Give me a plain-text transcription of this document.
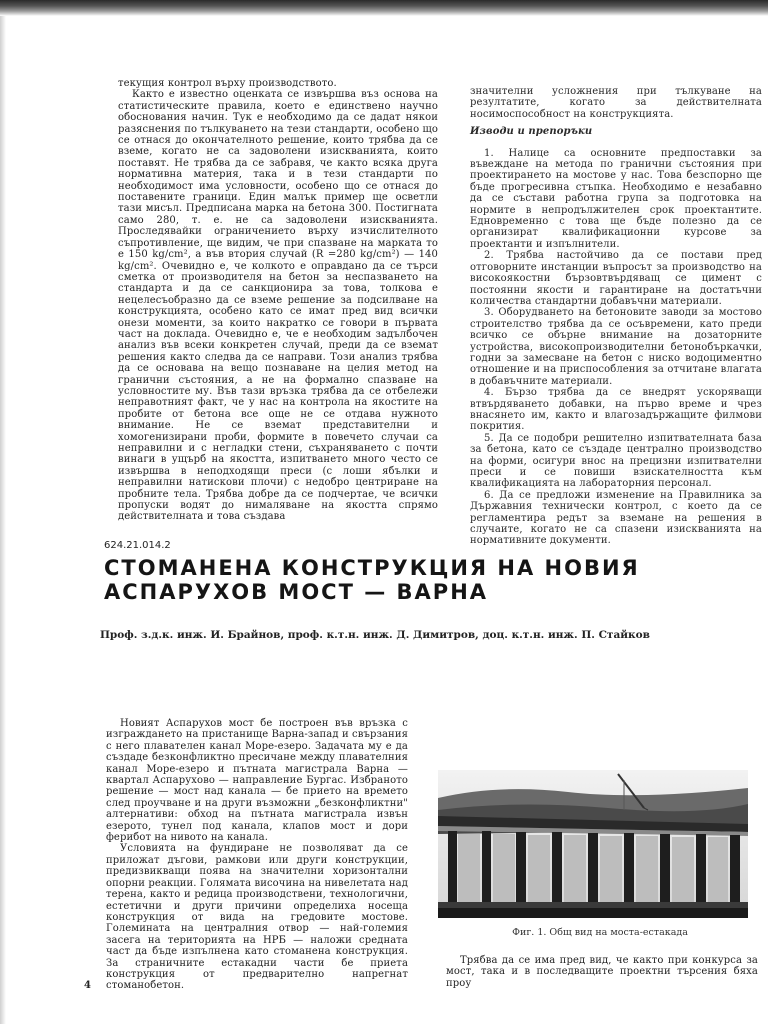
текущия контрол върху производството.

Както е известно оценката се извършва въз основа на статистическите правила, което е единствено научно обоснования начин. Тук е необходимо да се дадат някои разяснения по тълкуването на тези стандарти, особено що се отнася до окончателното решение, които трябва да се вземе, когато не са задоволени изискванията, които поставят. Не трябва да се забравя, че както всяка друга нормативна материя, така и в тези стандарти по необходимост има условности, особено що се отнася до поставените граници. Един малък пример ще осветли тази мисъл. Предписана марка на бетона 300. Постигната само 280, т. е. не са задоволени изискванията. Проследявайки ограничението върху изчислителното съпротивление, ще видим, че при спазване на марката то е 150 kg/cm², а във втория случай (R =280 kg/cm²) — 140 kg/cm². Очевидно е, че колкото е оправдано да се търси сметка от производителя на бетон за неспазването на стандарта и да се санкционира за това, толкова е нецелесъобразно да се вземе решение за подсилване на конструкцията, особено като се имат пред вид всички онези моменти, за които накратко се говори в първата част на доклада. Очевидно е, че е необходим задълбочен анализ във всеки конкретен случай, преди да се вземат решения както следва да се направи. Този анализ трябва да се основава на вещо познаване на целия метод на гранични състояния, а не на формално спазване на условностите му. Във тази връзка трябва да се отбележи неправотният факт, че у нас на контрола на якостите на пробите от бетона все още не се отдава нужното внимание. Не се вземат представителни и хомогенизирани проби, формите в повечето случаи са неправилни и с негладки стени, съхраняването с почти винаги в ущърб на якостта, изпитването много често се извършва в неподходящи преси (с лоши ябълки и неправилни натискови плочи) с недобро центриране на пробните тела. Трябва добре да се подчертае, че всички пропуски водят до нималяване на якостта спрямо действителната и това създава

значителни усложнения при тълкуване на резултатите, когато за действителната носимоспособност на конструкцията.

Изводи и препоръки

1. Налице са основните предпоставки за въвеждане на метода по гранични състояния при проектирането на мостове у нас. Това безспорно ще бъде прогресивна стъпка. Необходимо е незабавно да се състави работна група за подготовка на нормите в непродължителен срок проектантите. Едновременно с това ще бъде полезно да се организират квалификационни курсове за проектанти и изпълнители.

2. Трябва настойчиво да се постави пред отговорните инстанции въпросът за производство на високоякостни бързовтвърдяващ се цимент с постоянни якости и гарантиране на достатъчни количества стандартни добавъчни материали.

3. Оборудването на бетоновите заводи за мостово строителство трябва да се осъвремени, като преди всичко се обърне внимание на дозаторните устройства, високопроизводителни бетонобъркачки, годни за замесване на бетон с ниско водоциментно отношение и на приспособления за отчитане влагата в добавъчните материали.

4. Бързо трябва да се внедрят ускоряващи втвърдяването добавки, на първо време и чрез внасянето им, както и влагозадържащите филмови покрития.

5. Да се подобри решително изпитвателната база за бетона, като се създаде централно производство на форми, осигури внос на прецизни изпитвателни преси и се повиши взискателността към квалификацията на лабораторния персонал.

6. Да се предложи изменение на Правилника за Държавния технически контрол, с което да се регламентира редът за вземане на решения в случаите, когато не са спазени изискванията на нормативните документи.

624.21.014.2
СТОМАНЕНА КОНСТРУКЦИЯ НА НОВИЯ АСПАРУХОВ МОСТ — ВАРНА
Проф. з.д.к. инж. И. Брайнов, проф. к.т.н. инж. Д. Димитров, доц. к.т.н. инж. П. Стайков

Новият Аспарухов мост бе построен във връзка с изграждането на пристанище Варна-запад и свързания с него плавателен канал Море-езеро. Задачата му е да създаде безконфликтно пресичане между плавателния канал Море-езеро и пътната магистрала Варна — квартал Аспарухово — направление Бургас. Избраното решение — мост над канала — бе прието на времето след проучване и на други възможни „безконфликтни" алтернативи: обход на пътната магистрала извън езерото, тунел под канала, клапов мост и дори ферибот на нивото на канала.

Условията на фундиране не позволяват да се приложат дъгови, рамкови или други конструкции, предизвикващи поява на значителни хоризонтални опорни реакции. Голямата височина на нивелетата над терена, както и редица производствени, технологични, естетични и други причини определиха носеща конструкция от вида на гредовите мостове. Големината на централния отвор — най-големия засега на територията на НРБ — наложи средната част да бъде изпълнена като стоманена конструкция. За страничните естакадни части бе приета конструкция от предварително напрегнат стоманобетон.

Фиг. 1. Общ вид на моста-естакада

Трябва да се има пред вид, че както при конкурса за мост, така и в последващите проектни търсения бяха проу

4
